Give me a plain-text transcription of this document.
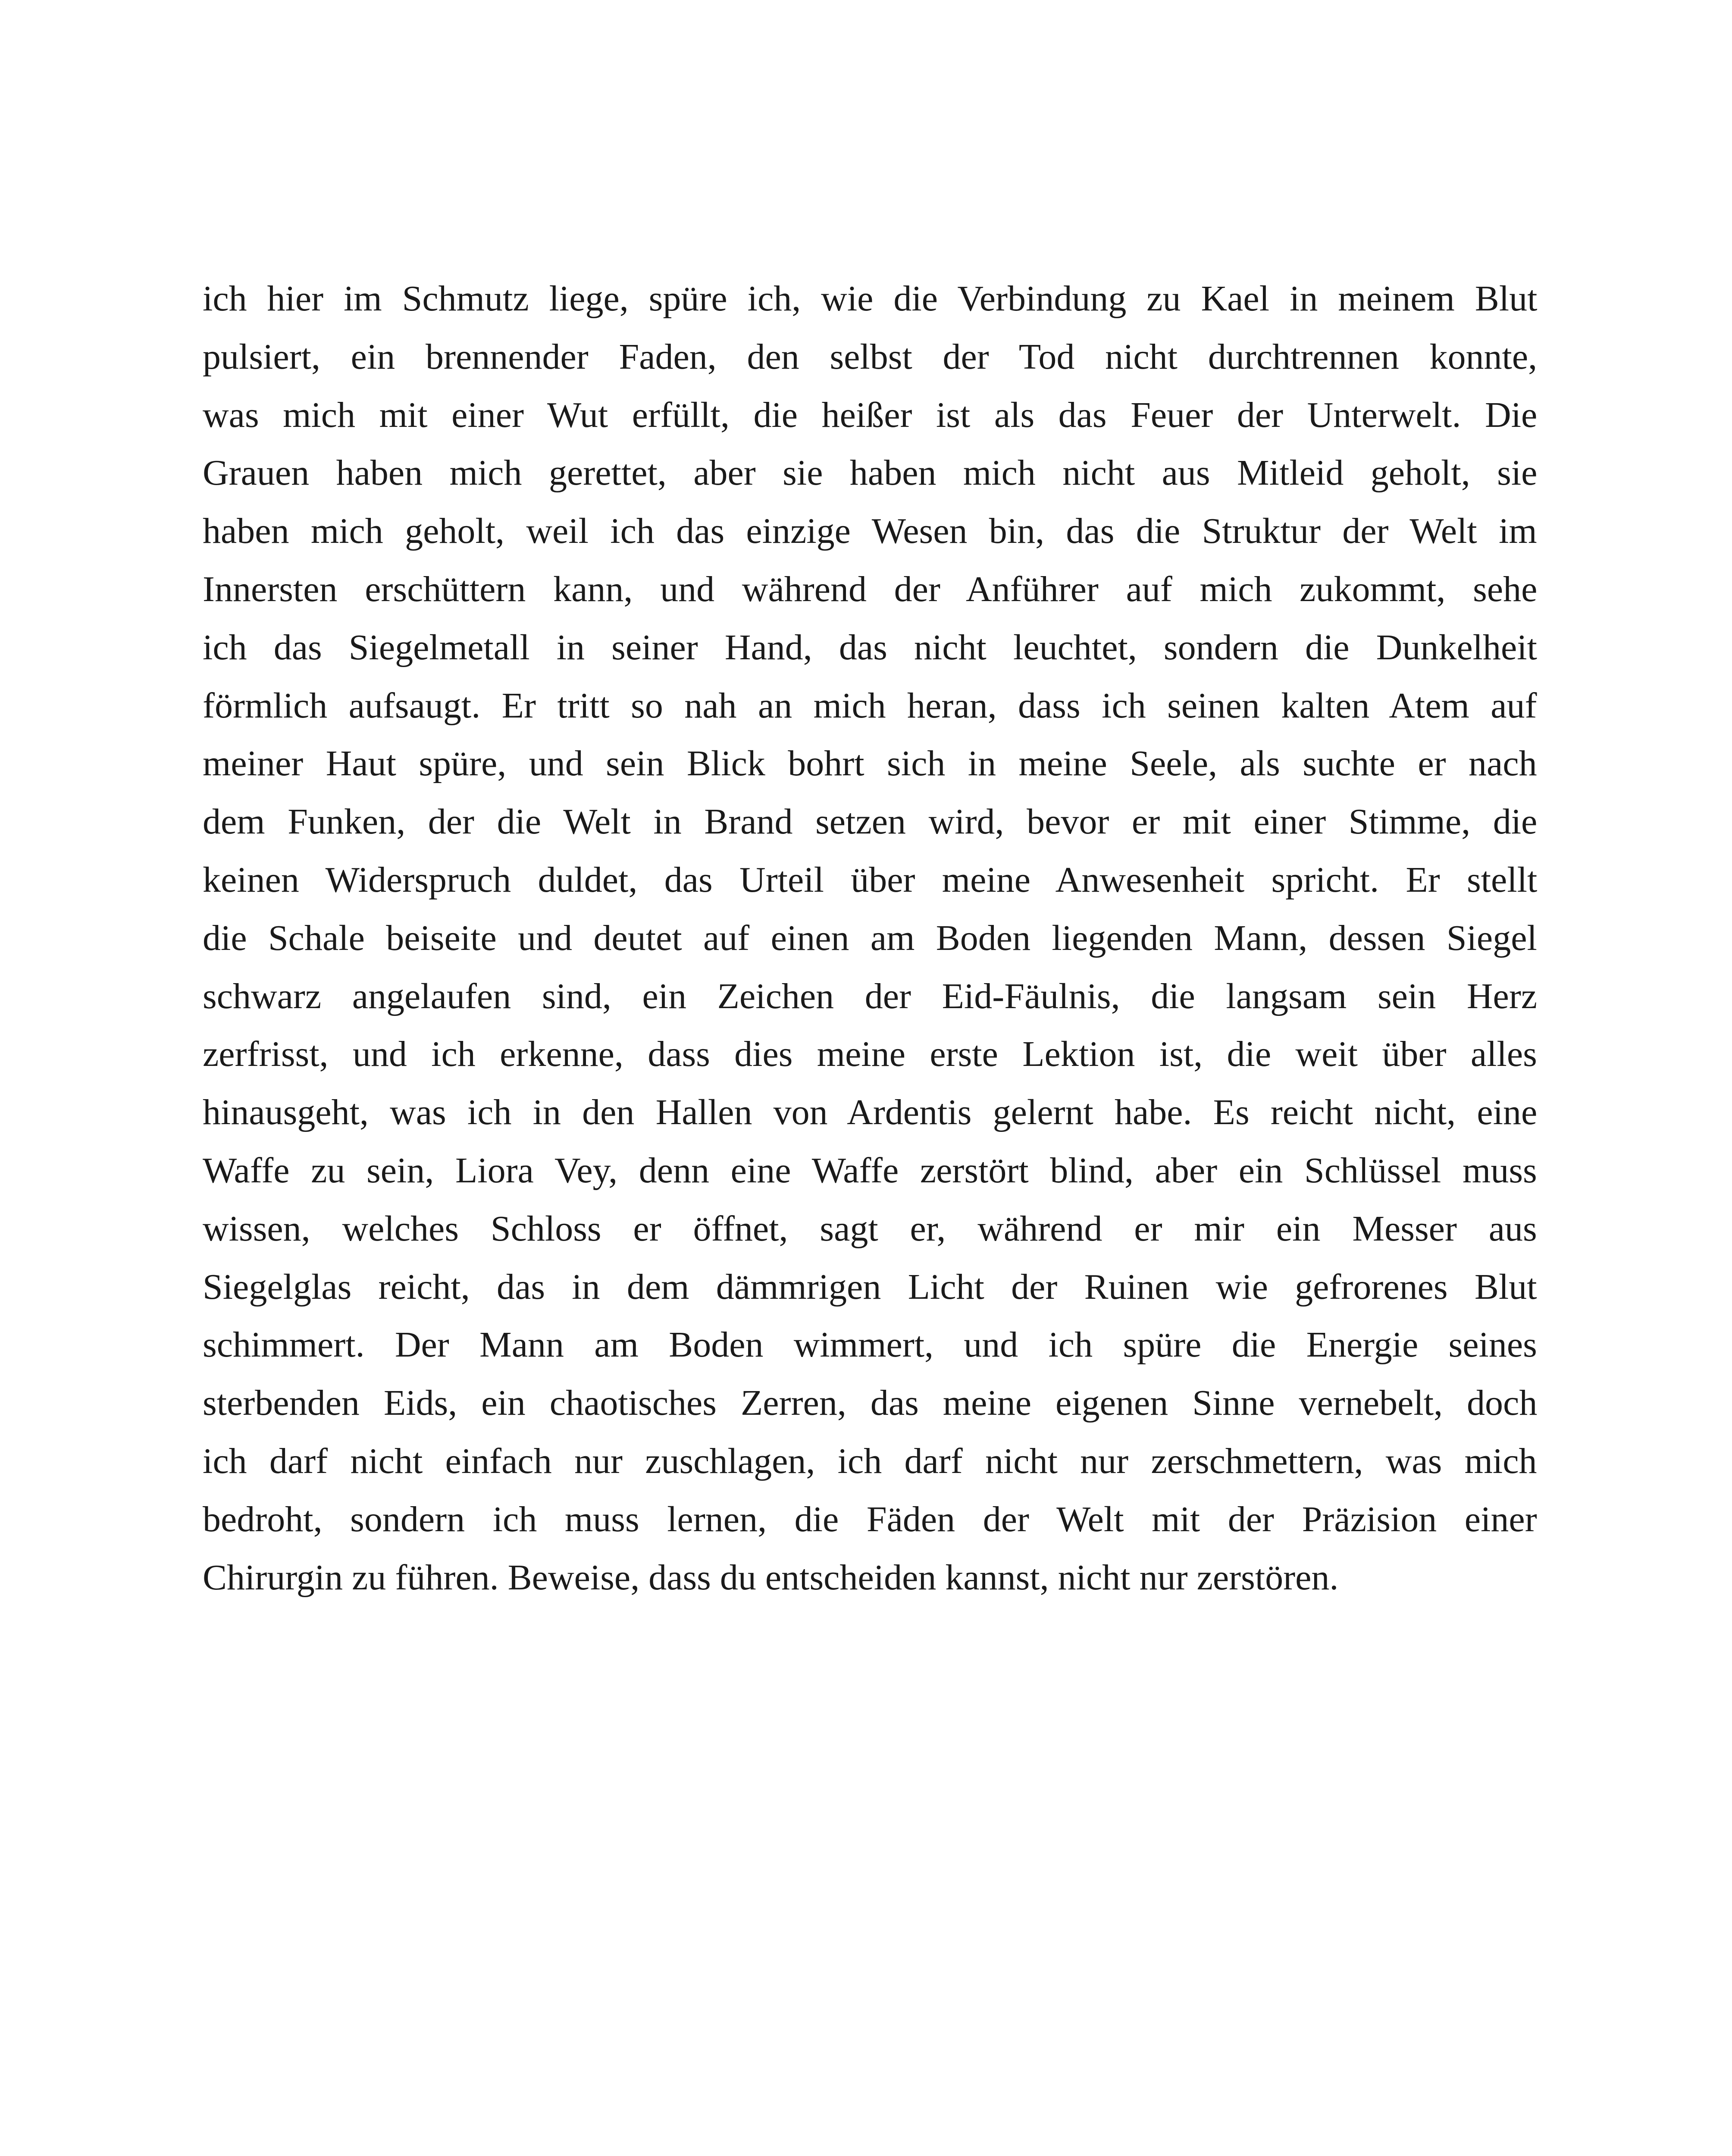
ich hier im Schmutz liege, spüre ich, wie die Verbindung zu Kael in meinem Blut
pulsiert, ein brennender Faden, den selbst der Tod nicht durchtrennen konnte,
was mich mit einer Wut erfüllt, die heißer ist als das Feuer der Unterwelt. Die
Grauen haben mich gerettet, aber sie haben mich nicht aus Mitleid geholt, sie
haben mich geholt, weil ich das einzige Wesen bin, das die Struktur der Welt im
Innersten erschüttern kann, und während der Anführer auf mich zukommt, sehe
ich das Siegelmetall in seiner Hand, das nicht leuchtet, sondern die Dunkelheit
förmlich aufsaugt. Er tritt so nah an mich heran, dass ich seinen kalten Atem auf
meiner Haut spüre, und sein Blick bohrt sich in meine Seele, als suchte er nach
dem Funken, der die Welt in Brand setzen wird, bevor er mit einer Stimme, die
keinen Widerspruch duldet, das Urteil über meine Anwesenheit spricht. Er stellt
die Schale beiseite und deutet auf einen am Boden liegenden Mann, dessen Siegel
schwarz angelaufen sind, ein Zeichen der Eid-Fäulnis, die langsam sein Herz
zerfrisst, und ich erkenne, dass dies meine erste Lektion ist, die weit über alles
hinausgeht, was ich in den Hallen von Ardentis gelernt habe. Es reicht nicht, eine
Waffe zu sein, Liora Vey, denn eine Waffe zerstört blind, aber ein Schlüssel muss
wissen, welches Schloss er öffnet, sagt er, während er mir ein Messer aus
Siegelglas reicht, das in dem dämmrigen Licht der Ruinen wie gefrorenes Blut
schimmert. Der Mann am Boden wimmert, und ich spüre die Energie seines
sterbenden Eids, ein chaotisches Zerren, das meine eigenen Sinne vernebelt, doch
ich darf nicht einfach nur zuschlagen, ich darf nicht nur zerschmettern, was mich
bedroht, sondern ich muss lernen, die Fäden der Welt mit der Präzision einer
Chirurgin zu führen. Beweise, dass du entscheiden kannst, nicht nur zerstören.
